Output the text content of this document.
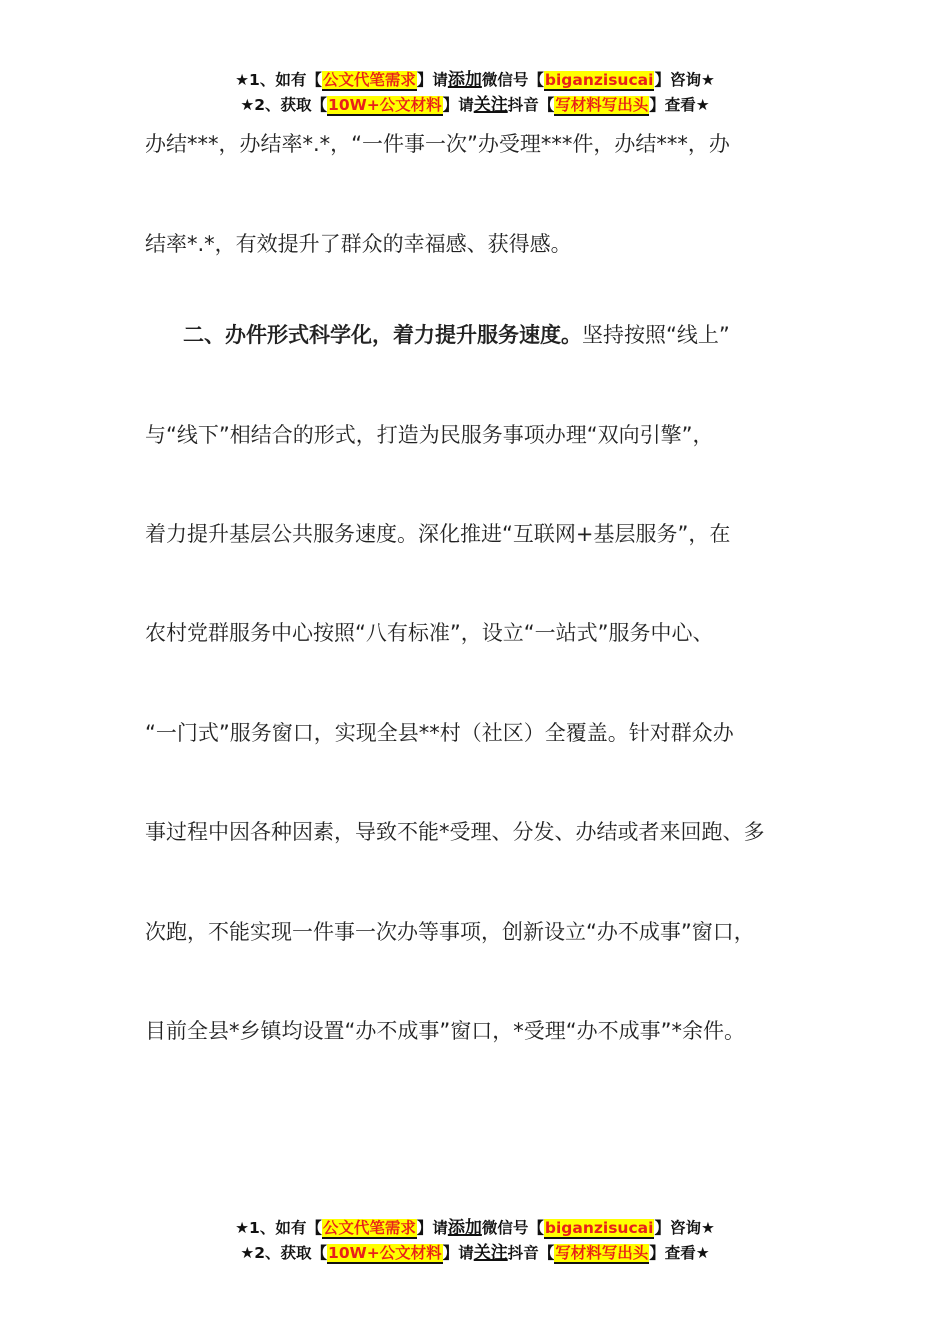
★1、如有【公文代笔需求】请添加微信号【biganzisucai】咨询★
★2、获取【10W+公文材料】请关注抖音【写材料写出头】查看★
办结***，办结率*.*，“一件事一次”办受理***件，办结***，办
结率*.*，有效提升了群众的幸福感、获得感。
二、办件形式科学化，着力提升服务速度。坚持按照“线上”
与“线下”相结合的形式，打造为民服务事项办理“双向引擎”，
着力提升基层公共服务速度。深化推进“互联网+基层服务”，在
农村党群服务中心按照“八有标准”，设立“一站式”服务中心、
“一门式”服务窗口，实现全县**村（社区）全覆盖。针对群众办
事过程中因各种因素，导致不能*受理、分发、办结或者来回跑、多
次跑，不能实现一件事一次办等事项，创新设立“办不成事”窗口，
目前全县*乡镇均设置“办不成事”窗口，*受理“办不成事”*余件。
★1、如有【公文代笔需求】请添加微信号【biganzisucai】咨询★
★2、获取【10W+公文材料】请关注抖音【写材料写出头】查看★
